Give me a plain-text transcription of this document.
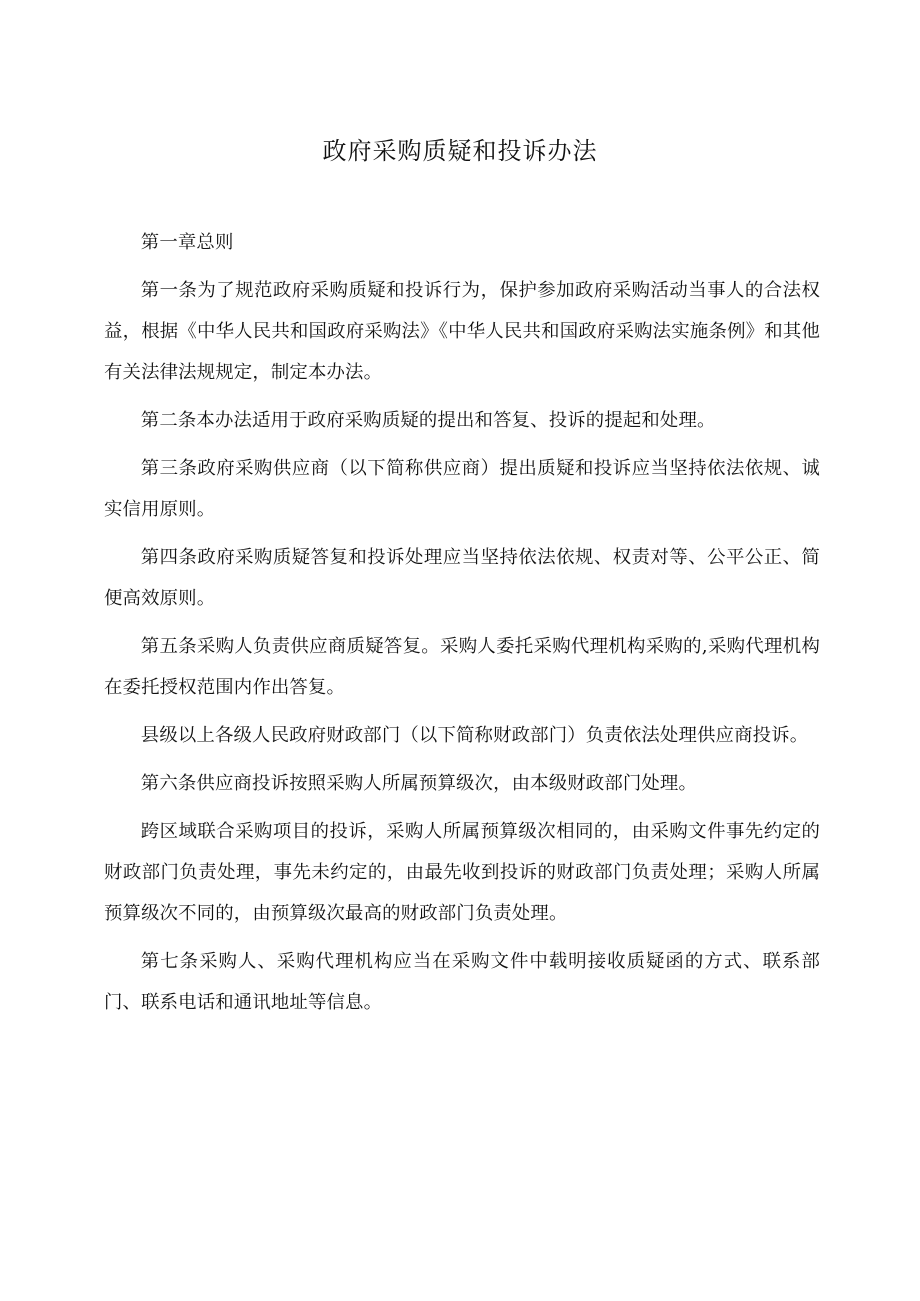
政府采购质疑和投诉办法

第一章总则

第一条为了规范政府采购质疑和投诉行为，保护参加政府采购活动当事人的合法权益，根据《中华人民共和国政府采购法》《中华人民共和国政府采购法实施条例》和其他有关法律法规规定，制定本办法。

第二条本办法适用于政府采购质疑的提出和答复、投诉的提起和处理。

第三条政府采购供应商（以下简称供应商）提出质疑和投诉应当坚持依法依规、诚实信用原则。

第四条政府采购质疑答复和投诉处理应当坚持依法依规、权责对等、公平公正、简便高效原则。

第五条采购人负责供应商质疑答复。采购人委托采购代理机构采购的,采购代理机构在委托授权范围内作出答复。

县级以上各级人民政府财政部门（以下简称财政部门）负责依法处理供应商投诉。

第六条供应商投诉按照采购人所属预算级次，由本级财政部门处理。

跨区域联合采购项目的投诉，采购人所属预算级次相同的，由采购文件事先约定的财政部门负责处理，事先未约定的，由最先收到投诉的财政部门负责处理；采购人所属预算级次不同的，由预算级次最高的财政部门负责处理。

第七条采购人、采购代理机构应当在采购文件中载明接收质疑函的方式、联系部门、联系电话和通讯地址等信息。
